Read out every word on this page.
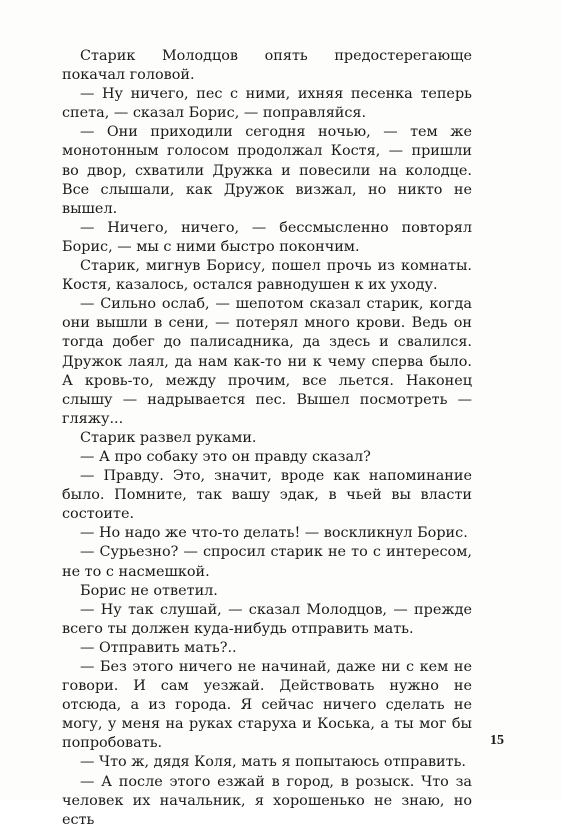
Старик Молодцов опять предостерегающе покачал головой.

— Ну ничего, пес с ними, ихняя песенка теперь спета, — сказал Борис, — поправляйся.

— Они приходили сегодня ночью, — тем же монотонным голосом продолжал Костя, — пришли во двор, схватили Дружка и повесили на колодце. Все слышали, как Дружок визжал, но никто не вышел.

— Ничего, ничего, — бессмысленно повторял Борис, — мы с ними быстро покончим.

Старик, мигнув Борису, пошел прочь из комнаты. Костя, казалось, остался равнодушен к их уходу.

— Сильно ослаб, — шепотом сказал старик, когда они вышли в сени, — потерял много крови. Ведь он тогда добег до палисадника, да здесь и свалился. Дружок лаял, да нам как-то ни к чему сперва было. А кровь-то, между прочим, все льется. Наконец слышу — надрывается пес. Вышел посмотреть — гляжу...

Старик развел руками.

— А про собаку это он правду сказал?

— Правду. Это, значит, вроде как напоминание было. Помните, так вашу эдак, в чьей вы власти состоите.

— Но надо же что-то делать! — воскликнул Борис.

— Сурьезно? — спросил старик не то с интересом, не то с насмешкой.

Борис не ответил.

— Ну так слушай, — сказал Молодцов, — прежде всего ты должен куда-нибудь отправить мать.

— Отправить мать?..

— Без этого ничего не начинай, даже ни с кем не говори. И сам уезжай. Действовать нужно не отсюда, а из города. Я сейчас ничего сделать не могу, у меня на руках старуха и Коська, а ты мог бы попробовать.

— Что ж, дядя Коля, мать я попытаюсь отправить.

— А после этого езжай в город, в розыск. Что за человек их начальник, я хорошенько не знаю, но есть

15
